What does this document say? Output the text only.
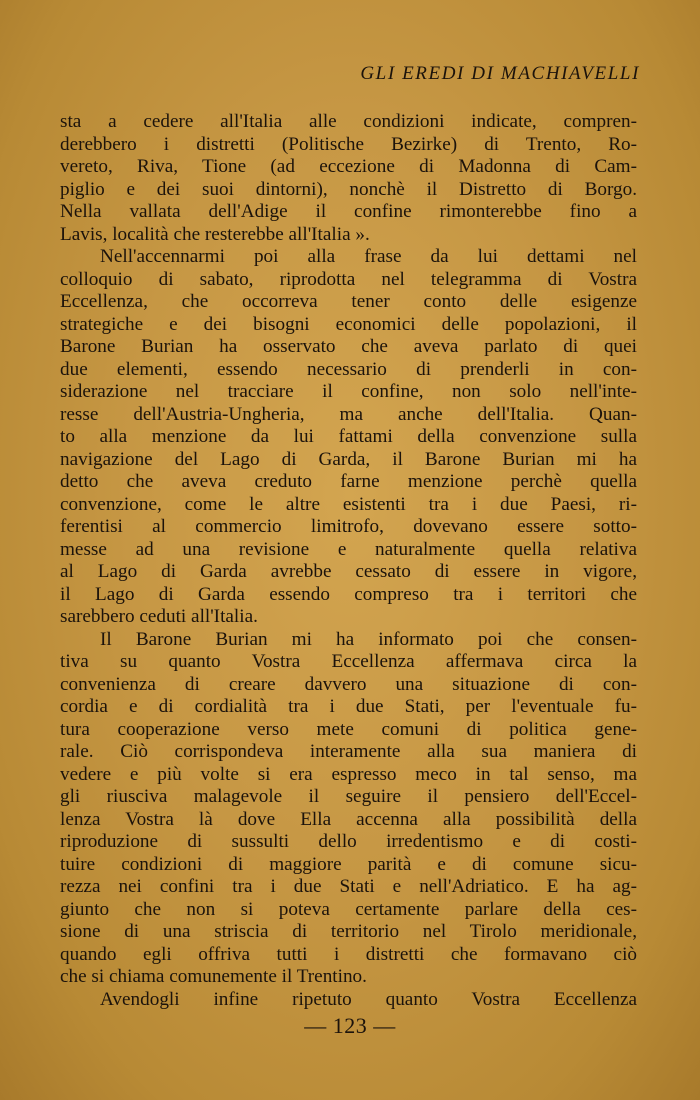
GLI EREDI DI MACHIAVELLI
sta a cedere all'Italia alle condizioni indicate, compren-
derebbero i distretti (Politische Bezirke) di Trento, Ro-
vereto, Riva, Tione (ad eccezione di Madonna di Cam-
piglio e dei suoi dintorni), nonchè il Distretto di Borgo.
Nella vallata dell'Adige il confine rimonterebbe fino a
Lavis, località che resterebbe all'Italia ».
Nell'accennarmi poi alla frase da lui dettami nel
colloquio di sabato, riprodotta nel telegramma di Vostra
Eccellenza, che occorreva tener conto delle esigenze
strategiche e dei bisogni economici delle popolazioni, il
Barone Burian ha osservato che aveva parlato di quei
due elementi, essendo necessario di prenderli in con-
siderazione nel tracciare il confine, non solo nell'inte-
resse dell'Austria-Ungheria, ma anche dell'Italia. Quan-
to alla menzione da lui fattami della convenzione sulla
navigazione del Lago di Garda, il Barone Burian mi ha
detto che aveva creduto farne menzione perchè quella
convenzione, come le altre esistenti tra i due Paesi, ri-
ferentisi al commercio limitrofo, dovevano essere sotto-
messe ad una revisione e naturalmente quella relativa
al Lago di Garda avrebbe cessato di essere in vigore,
il Lago di Garda essendo compreso tra i territori che
sarebbero ceduti all'Italia.
Il Barone Burian mi ha informato poi che consen-
tiva su quanto Vostra Eccellenza affermava circa la
convenienza di creare davvero una situazione di con-
cordia e di cordialità tra i due Stati, per l'eventuale fu-
tura cooperazione verso mete comuni di politica gene-
rale. Ciò corrispondeva interamente alla sua maniera di
vedere e più volte si era espresso meco in tal senso, ma
gli riusciva malagevole il seguire il pensiero dell'Eccel-
lenza Vostra là dove Ella accenna alla possibilità della
riproduzione di sussulti dello irredentismo e di costi-
tuire condizioni di maggiore parità e di comune sicu-
rezza nei confini tra i due Stati e nell'Adriatico. E ha ag-
giunto che non si poteva certamente parlare della ces-
sione di una striscia di territorio nel Tirolo meridionale,
quando egli offriva tutti i distretti che formavano ciò
che si chiama comunemente il Trentino.
Avendogli infine ripetuto quanto Vostra Eccellenza
— 123 —
